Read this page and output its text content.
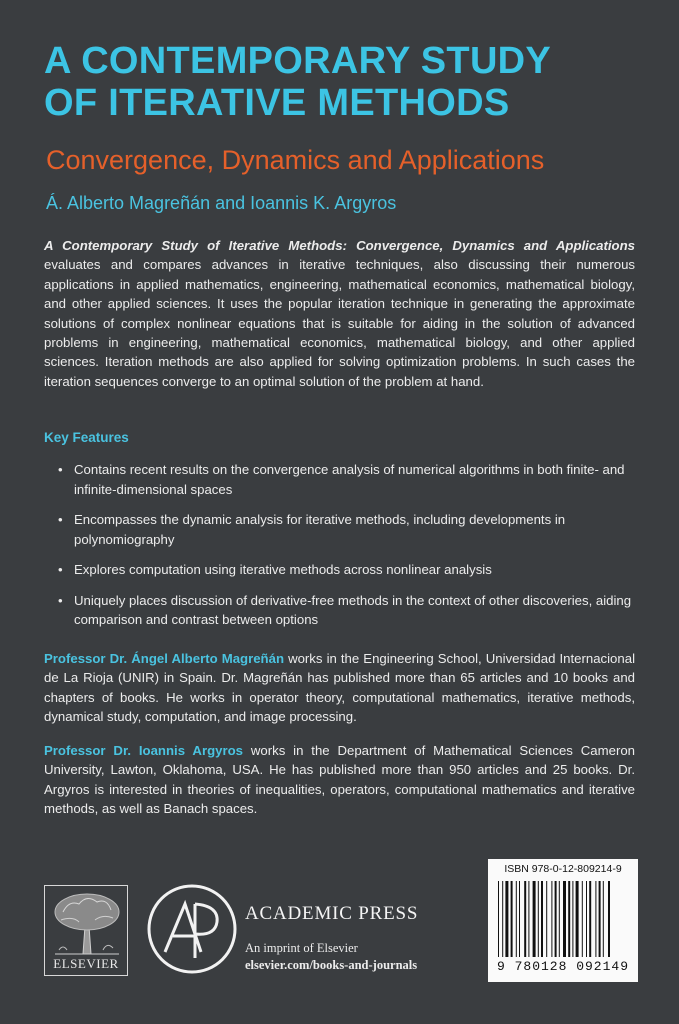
A CONTEMPORARY STUDY
OF ITERATIVE METHODS
Convergence, Dynamics and Applications
Á. Alberto Magreñán and Ioannis K. Argyros
A Contemporary Study of Iterative Methods: Convergence, Dynamics and Applications evaluates and compares advances in iterative techniques, also discussing their numerous applications in applied mathematics, engineering, mathematical economics, mathematical biology, and other applied sciences. It uses the popular iteration technique in generating the approximate solutions of complex nonlinear equations that is suitable for aiding in the solution of advanced problems in engineering, mathematical economics, mathematical biology, and other applied sciences. Iteration methods are also applied for solving optimization problems. In such cases the iteration sequences converge to an optimal solution of the problem at hand.
Key Features
• Contains recent results on the convergence analysis of numerical algorithms in both finite- and infinite-dimensional spaces
• Encompasses the dynamic analysis for iterative methods, including developments in polynomiography
• Explores computation using iterative methods across nonlinear analysis
• Uniquely places discussion of derivative-free methods in the context of other discoveries, aiding comparison and contrast between options
Professor Dr. Ángel Alberto Magreñán works in the Engineering School, Universidad Internacional de La Rioja (UNIR) in Spain. Dr. Magreñán has published more than 65 articles and 10 books and chapters of books. He works in operator theory, computational mathematics, iterative methods, dynamical study, computation, and image processing.
Professor Dr. Ioannis Argyros works in the Department of Mathematical Sciences Cameron University, Lawton, Oklahoma, USA. He has published more than 950 articles and 25 books. Dr. Argyros is interested in theories of inequalities, operators, computational mathematics and iterative methods, as well as Banach spaces.
ELSEVIER
ACADEMIC PRESS
An imprint of Elsevier
elsevier.com/books-and-journals
ISBN 978-0-12-809214-9
9 780128 092149
